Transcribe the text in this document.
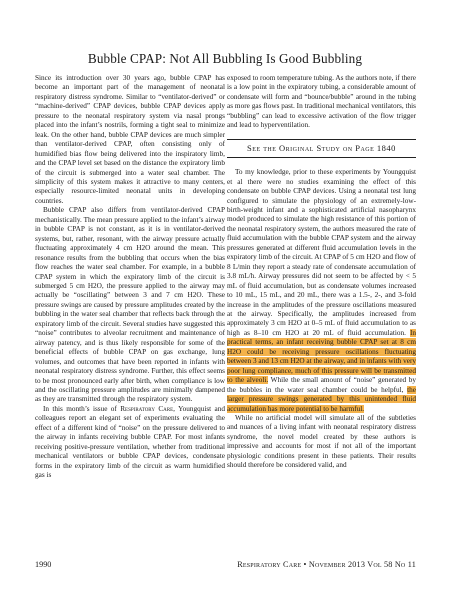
Bubble CPAP: Not All Bubbling Is Good Bubbling

Since its introduction over 30 years ago, bubble CPAP has become an important part of the management of neonatal respiratory distress syndrome. Similar to “ventilator-derived” or “machine-derived” CPAP devices, bubble CPAP devices apply pressure to the neonatal respiratory system via nasal prongs placed into the infant’s nostrils, forming a tight seal to minimize leak. On the other hand, bubble CPAP devices are much simpler than ventilator-derived CPAP, often consisting only of humidified bias flow being delivered into the inspiratory limb, and the CPAP level set based on the distance the expiratory limb of the circuit is submerged into a water seal chamber. The simplicity of this system makes it attractive to many centers, especially resource-limited neonatal units in developing countries.

Bubble CPAP also differs from ventilator-derived CPAP mechanistically. The mean pressure applied to the infant’s airway in bubble CPAP is not constant, as it is in ventilator-derived systems, but, rather, resonant, with the airway pressure actually fluctuating approximately 4 cm H2O around the mean. This resonance results from the bubbling that occurs when the bias flow reaches the water seal chamber. For example, in a bubble CPAP system in which the expiratory limb of the circuit is submerged 5 cm H2O, the pressure applied to the airway may actually be “oscillating” between 3 and 7 cm H2O. These pressure swings are caused by pressure amplitudes created by the bubbling in the water seal chamber that reflects back through the expiratory limb of the circuit. Several studies have suggested this “noise” contributes to alveolar recruitment and maintenance of airway patency, and is thus likely responsible for some of the beneficial effects of bubble CPAP on gas exchange, lung volumes, and outcomes that have been reported in infants with neonatal respiratory distress syndrome. Further, this effect seems to be most pronounced early after birth, when compliance is low and the oscillating pressure amplitudes are minimally dampened as they are transmitted through the respiratory system.

In this month’s issue of Respiratory Care, Youngquist and colleagues report an elegant set of experiments evaluating the effect of a different kind of “noise” on the pressure delivered to the airway in infants receiving bubble CPAP. For most infants receiving positive-pressure ventilation, whether from traditional mechanical ventilators or bubble CPAP devices, condensate forms in the expiratory limb of the circuit as warm humidified gas is

exposed to room temperature tubing. As the authors note, if there is a low point in the expiratory tubing, a considerable amount of condensate will form and “bounce/bubble” around in the tubing as more gas flows past. In traditional mechanical ventilators, this “bubbling” can lead to excessive activation of the flow trigger and lead to hyperventilation.

See the Original Study on Page 1840

To my knowledge, prior to these experiments by Youngquist et al there were no studies examining the effect of this condensate on bubble CPAP devices. Using a neonatal test lung configured to simulate the physiology of an extremely-low-birth-weight infant and a sophisticated artificial nasopharynx model produced to simulate the high resistance of this portion of the neonatal respiratory system, the authors measured the rate of fluid accumulation with the bubble CPAP system and the airway pressures generated at different fluid accumulation levels in the expiratory limb of the circuit. At CPAP of 5 cm H2O and flow of 8 L/min they report a steady rate of condensate accumulation of 3.8 mL/h. Airway pressures did not seem to be affected by < 5 mL of fluid accumulation, but as condensate volumes increased to 10 mL, 15 mL, and 20 mL, there was a 1.5-, 2-, and 3-fold increase in the amplitudes of the pressure oscillations measured at the airway. Specifically, the amplitudes increased from approximately 3 cm H2O at 0–5 mL of fluid accumulation to as high as 8–10 cm H2O at 20 mL of fluid accumulation. In practical terms, an infant receiving bubble CPAP set at 8 cm H2O could be receiving pressure oscillations fluctuating between 3 and 13 cm H2O at the airway, and in infants with very poor lung compliance, much of this pressure will be transmitted to the alveoli. While the small amount of “noise” generated by the bubbles in the water seal chamber could be helpful, the larger pressure swings generated by this unintended fluid accumulation has more potential to be harmful.

While no artificial model will simulate all of the subtleties and nuances of a living infant with neonatal respiratory distress syndrome, the novel model created by these authors is impressive and accounts for most if not all of the important physiologic conditions present in these patients. Their results should therefore be considered valid, and

1990	Respiratory Care • November 2013 Vol 58 No 11
